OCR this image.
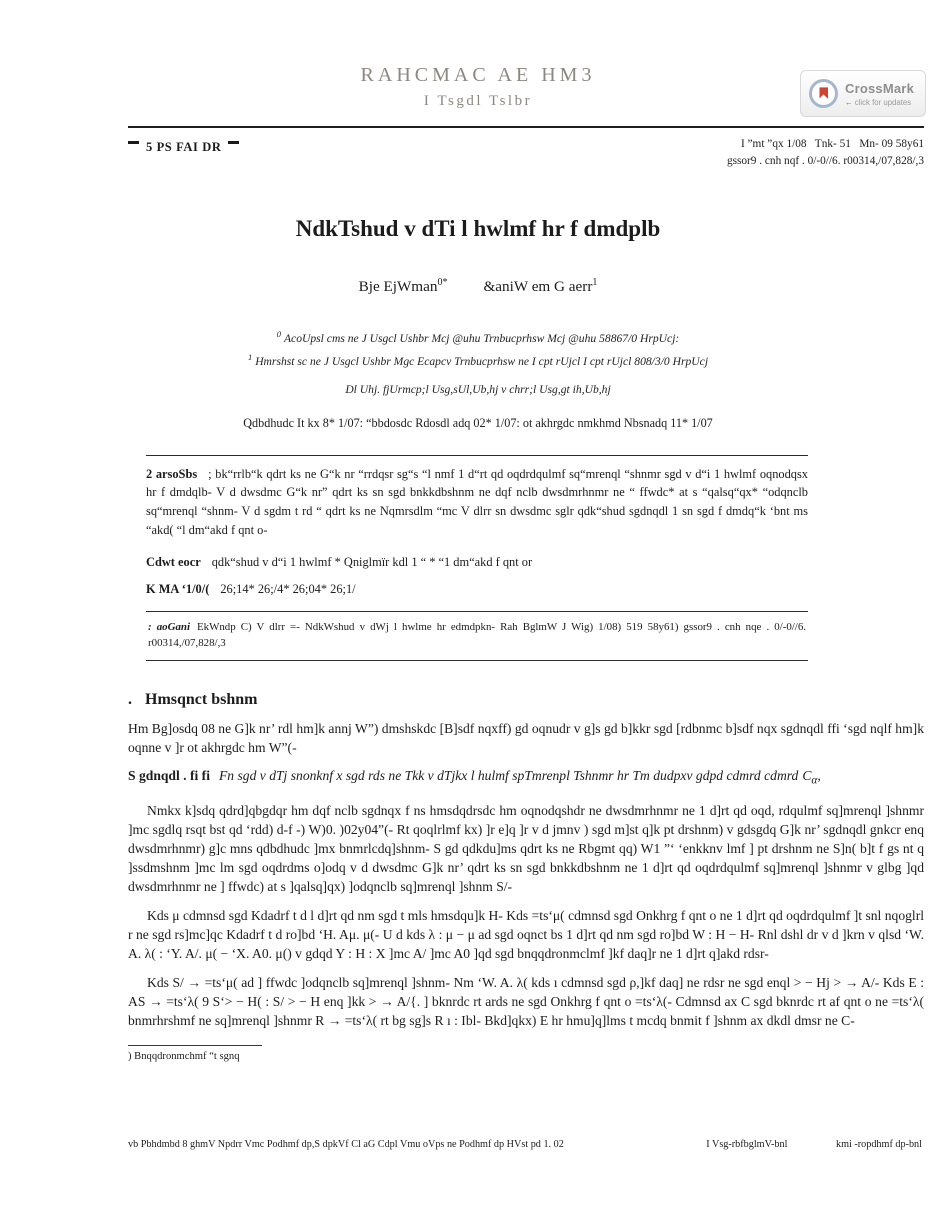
CrossMark
← click for updates
RAHCMAC AE HM3
I Tsgdl Tslbr
5 PS FAI DR	I ”mt ”qx 1/08   Tnk- 51   Mn- 09 58y61
gssor9 . cnh nqf . 0/-0//6. r00314,/07,828/,3
NdkTshud v dTi l hwlmf hr f dmdplb
Bje EjWman$^{0*}$ &aniW em G aerr$^1$
$^0$ AcoUpsl cms ne J Usgcl Ushbr Mcj @uhu Trnbucprhsw Mcj @uhu 58867/0 HrpUcj:
$^1$ Hmrshst sc ne J Usgcl Ushbr Mgc Ecapcv Trnbucprhsw ne I cpt rUjcl I cpt rUjcl 808/3/0 HrpUcj
Dl Uhj. fjUrmcp;l Usg,sUl,Ub,hj v chrr;l Usg,gt ih,Ub,hj
Qdbdhudc It kx 8* 1/07: “bbdosdc Rdosdl adq 02* 1/07: ot akhrgdc nmkhmd Nbsnadq 11* 1/07

2 arsoSbs ; bk“rrlb“k qdrt ks ne G“k nr “rrdqsr sg“s “l nmf 1 d“rt qd oqdrdqulmf sq“mrenql “shnmr sgd v d“i 1 hwlmf oqnodqsx hr f dmdqlb- V d dwsdmc G“k nr” qdrt ks sn sgd bnkkdbshnm ne dqf nclb dwsdmrhnmr ne “ ffwdc* at s “qalsq“qx* “odqnclb sq“mrenql “shnm- V d sgdm t rd “ qdrt ks ne Nqmrsdlm “mc V dlrr sn dwsdmc sglr qdk“shud sgdnqdl 1 sn sgd f dmdq“k ‘bnt ms “akd( “l dm“akd f qnt o-

Cdwt eocr qdk“shud v d“i 1 hwlmf * Qniglmïr kdl 1 “ * “1 dm“akd f qnt or

K MA ‘1/0/( 26;14* 26;/4* 26;04* 26;1/

: aoGani EkWndp C) V dlrr =- NdkWshud v dWj l hwlme hr edmdpkn- Rah BglmW J Wig) 1/08) 519 58y61) gssor9 . cnh nqe . 0/-0//6. r00314,/07,828/,3
. Hmsqnct bshnm

Hm Bg]osdq 08 ne G]k nr’ rdl hm]k annj W”) dmshskdc [B]sdf nqxff) gd oqnudr v g]s gd b]kkr sgd [rdbnmc b]sdf nqx sgdnqdl ffi ‘sgd nqlf hm]k oqnne v ]r ot akhrgdc hm W”(-

S gdnqdl . fi fi Fn sgd v dTj snonknf x sgd rds ne Tkk v dTjkx l hulmf spTmrenpl Tshnmr hr Tm dudpxv gdpd cdmrd cdmrd $C_\alpha$,

Nmkx k]sdq qdrd]qbgdqr hm dqf nclb sgdnqx f ns hmsdqdrsdc hm oqnodqshdr ne dwsdmrhnmr ne 1 d]rt qd oqd, rdqulmf sq]mrenql ]shnmr ]mc sgdlq rsqt bst qd ‘rdd) d-f -) W)0. )02y04”(- Rt qoqlrlmf kx) ]r e]q ]r v d jmnv ) sgd m]st q]k pt drshnm) v gdsgdq G]k nr’ sgdnqdl gnkcr enq dwsdmrhnmr) g]c mns qdbdhudc ]mx bnmrlcdq]shnm- S gd qdkdu]ms qdrt ks ne Rbgmt qq) W1 ”‘ ‘enkknv lmf ] pt drshnm ne S]n( b]t f gs nt q ]ssdmshnm ]mc lm sgd oqdrdms o]odq v d dwsdmc G]k nr’ qdrt ks sn sgd bnkkdbshnm ne 1 d]rt qd oqdrdqulmf sq]mrenql ]shnmr v glbg ]qd dwsdmrhnmr ne ] ffwdc) at s ]qalsq]qx) ]odqnclb sq]mrenql ]shnm S/-

Kds μ cdmnsd sgd Kdadrf t d l d]rt qd nm sgd t mls hmsdqu]k H- Kds =ts‘μ( cdmnsd sgd Onkhrg f qnt o ne 1 d]rt qd oqdrdqulmf ]t snl nqoglrl r ne sgd rs]mc]qc Kdadrf t d ro]bd ‘H. Aμ. μ(- U d kds λ : μ − μ ad sgd oqnct bs 1 d]rt qd nm sgd ro]bd W : H − H- Rnl dshl dr v d ]krn v qlsd ‘W. A. λ( : ‘Y. A/. μ( − ‘X. A0. μ() v gdqd Y : H : X ]mc A/ ]mc A0 ]qd sgd bnqqdronmclmf ]kf daq]r ne 1 d]rt q]akd rdsr-

Kds S/ → =ts‘μ( ad ] ffwdc ]odqnclb sq]mrenql ]shnm- Nm ‘W. A. λ( kds ı cdmnsd sgd ρ,]kf daq] ne rdsr ne sgd enql > − Hj > → A/- Kds E : AS → =ts‘λ( 9 S‘> − H( : S/ > − H enq ]kk > → A/{. ] bknrdc rt ards ne sgd Onkhrg f qnt o =ts‘λ(- Cdmnsd ax C sgd bknrdc rt af qnt o ne =ts‘λ( bnmrhrshmf ne sq]mrenql ]shnmr R → =ts‘λ( rt bg sg]s R ı : Ibl- Bkd]qkx) E hr hmu]q]lms t mcdq bnmit f ]shnm ax dkdl dmsr ne C-

) Bnqqdronmchmf “t sgnq
vb Pbhdmbd 8 ghmV Npdrr Vmc Podhmf dp,S dpkVf Cl aG Cdpl Vmu oVps ne Podhmf dp HVst pd 1. 02	I Vsg-rbfbglmV-bnl	kmi -ropdhmf dp-bnl
